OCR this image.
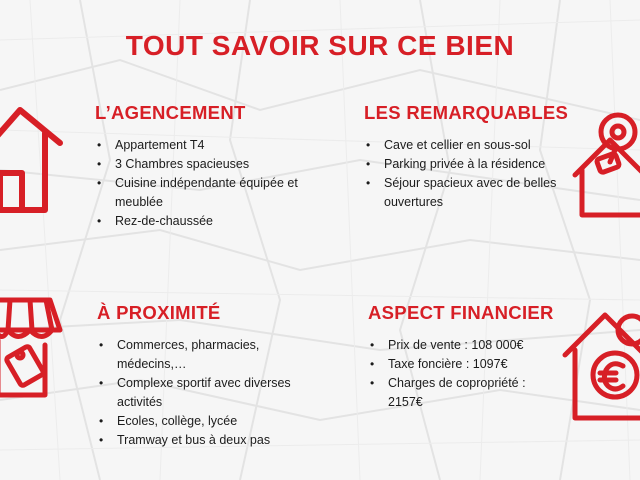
TOUT SAVOIR SUR CE BIEN
L’AGENCEMENT
• Appartement T4
• 3 Chambres spacieuses
• Cuisine indépendante équipée et meublée
• Rez-de-chaussée
LES REMARQUABLES
• Cave et cellier en sous-sol
• Parking privée à la résidence
• Séjour spacieux avec de belles ouvertures
À PROXIMITÉ
• Commerces, pharmacies, médecins,…
• Complexe sportif avec diverses activités
• Ecoles, collège, lycée
• Tramway et bus à deux pas
ASPECT FINANCIER
• Prix de vente : 108 000€
• Taxe foncière : 1097€
• Charges de copropriété : 2157€
